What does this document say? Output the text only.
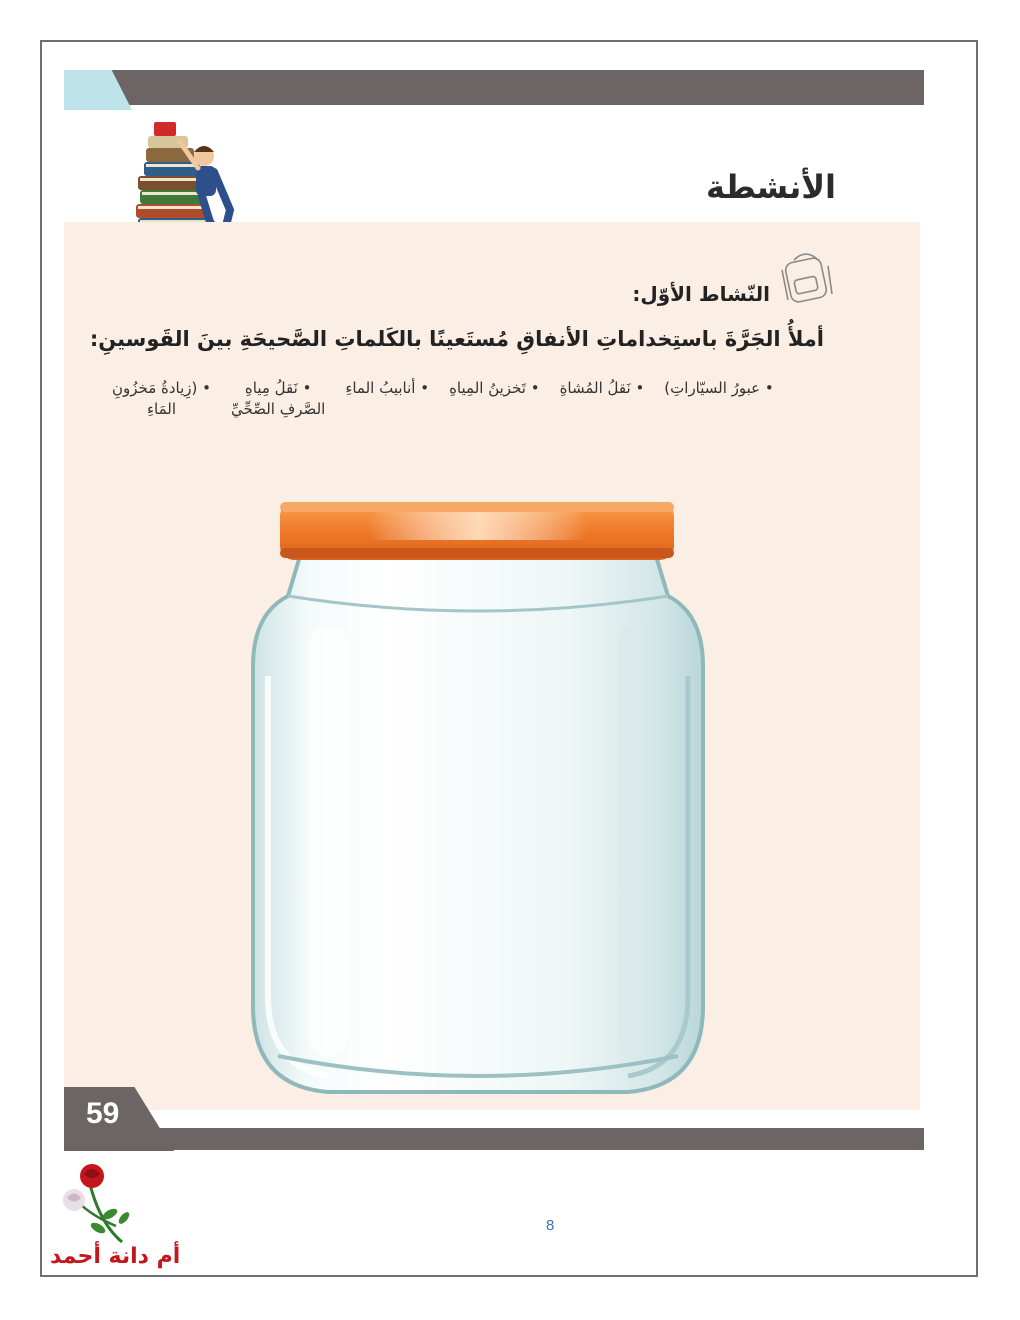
الأنشطة
النّشاط الأوّل:
أملأُ الجَرَّةَ باستِخداماتِ الأنفاقِ مُستَعينًا بالكَلماتِ الصَّحيحَةِ بينَ القَوسينِ:
• (زِيادةُ مَخزُونِ
المَاءِ
• نَقلُ مِياهِ
الصَّرفِ الصِّحِّيِّ
• أنابيبُ الماءِ • تَخزينُ المِياهِ • نَقلُ المُشاةِ • عبورُ السيّاراتِ)
59
أم دانة أحمد
8
